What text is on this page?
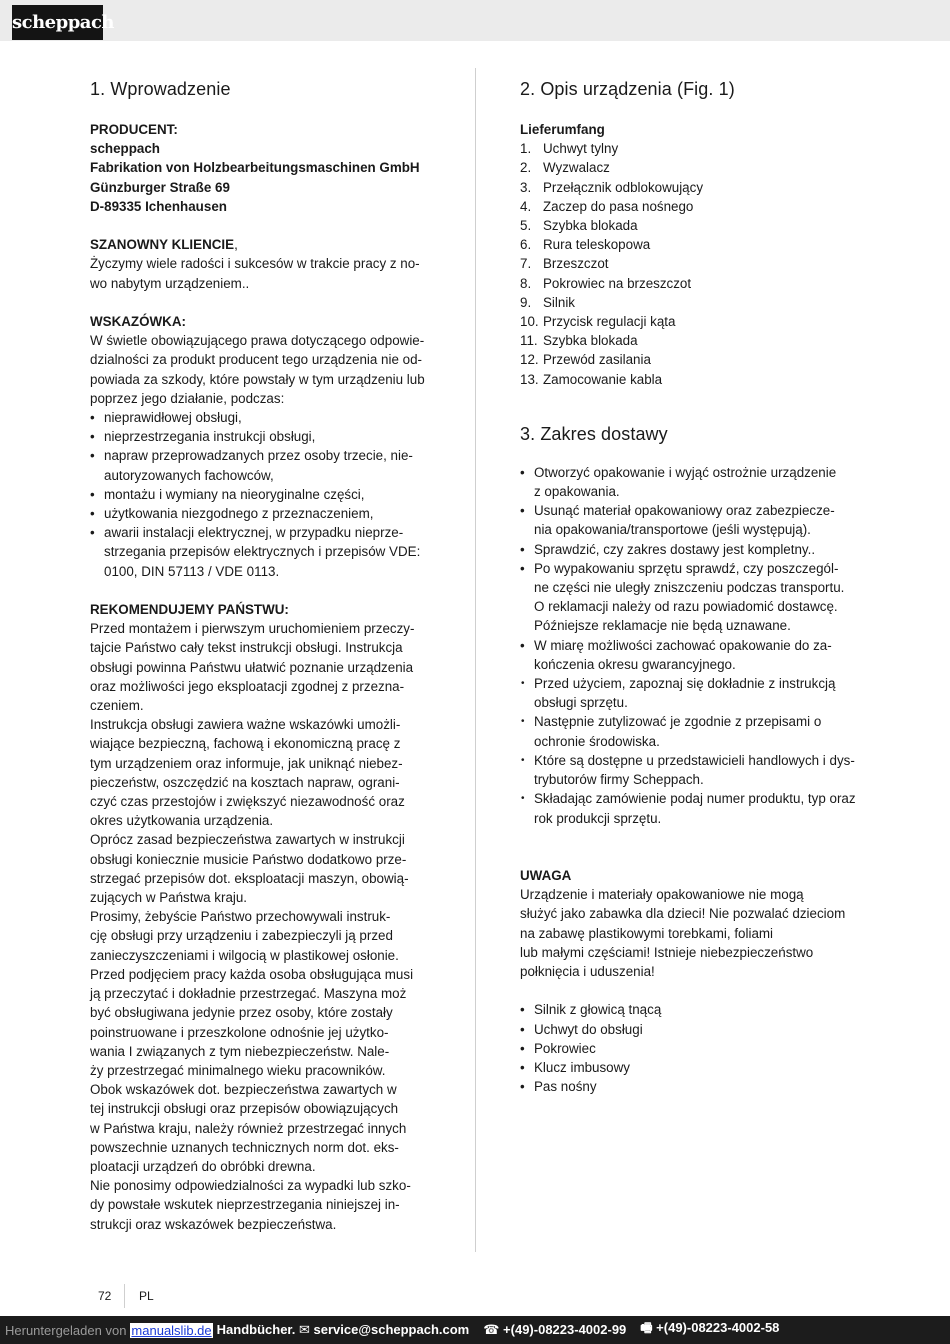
scheppach
1. Wprowadzenie
PRODUCENT:
scheppach
Fabrikation von Holzbearbeitungsmaschinen GmbH
Günzburger Straße 69
D-89335 Ichenhausen
SZANOWNY KLIENCIE,
Życzymy wiele radości i sukcesów w trakcie pracy z no-
wo nabytym urządzeniem..
WSKAZÓWKA:
W świetle obowiązującego prawa dotyczącego odpowie-
dzialności za produkt producent tego urządzenia nie od-
powiada za szkody, które powstały w tym urządzeniu lub
poprzez jego działanie, podczas:
• nieprawidłowej obsługi,
• nieprzestrzegania instrukcji obsługi,
• napraw przeprowadzanych przez osoby trzecie, nie-
autoryzowanych fachowców,
• montażu i wymiany na nieoryginalne części,
• użytkowania niezgodnego z przeznaczeniem,
• awarii instalacji elektrycznej, w przypadku nieprze-
strzegania przepisów elektrycznych i przepisów VDE:
0100, DIN 57113 / VDE 0113.
REKOMENDUJEMY PAŃSTWU:
Przed montażem i pierwszym uruchomieniem przeczy-
tajcie Państwo cały tekst instrukcji obsługi. Instrukcja
obsługi powinna Państwu ułatwić poznanie urządzenia
oraz możliwości jego eksploatacji zgodnej z przezna-
czeniem.
Instrukcja obsługi zawiera ważne wskazówki umożli-
wiające bezpieczną, fachową i ekonomiczną pracę z
tym urządzeniem oraz informuje, jak uniknąć niebez-
pieczeństw, oszczędzić na kosztach napraw, ograni-
czyć czas przestojów i zwiększyć niezawodność oraz
okres użytkowania urządzenia.
Oprócz zasad bezpieczeństwa zawartych w instrukcji
obsługi koniecznie musicie Państwo dodatkowo prze-
strzegać przepisów dot. eksploatacji maszyn, obowią-
zujących w Państwa kraju.
Prosimy, żebyście Państwo przechowywali instruk-
cję obsługi przy urządzeniu i zabezpieczyli ją przed
zanieczyszczeniami i wilgocią w plastikowej osłonie.
Przed podjęciem pracy każda osoba obsługująca musi
ją przeczytać i dokładnie przestrzegać. Maszyna moż
być obsługiwana jedynie przez osoby, które zostały
poinstruowane i przeszkolone odnośnie jej użytko-
wania I związanych z tym niebezpieczeństw. Nale-
ży przestrzegać minimalnego wieku pracowników.
Obok wskazówek dot. bezpieczeństwa zawartych w
tej instrukcji obsługi oraz przepisów obowiązujących
w Państwa kraju, należy również przestrzegać innych
powszechnie uznanych technicznych norm dot. eks-
ploatacji urządzeń do obróbki drewna.
Nie ponosimy odpowiedzialności za wypadki lub szko-
dy powstałe wskutek nieprzestrzegania niniejszej in-
strukcji oraz wskazówek bezpieczeństwa.
2. Opis urządzenia (Fig. 1)
Lieferumfang
1. Uchwyt tylny
2. Wyzwalacz
3. Przełącznik odblokowujący
4. Zaczep do pasa nośnego
5. Szybka blokada
6. Rura teleskopowa
7. Brzeszczot
8. Pokrowiec na brzeszczot
9. Silnik
10. Przycisk regulacji kąta
11. Szybka blokada
12. Przewód zasilania
13. Zamocowanie kabla
3. Zakres dostawy
• Otworzyć opakowanie i wyjąć ostrożnie urządzenie
z opakowania.
• Usunąć materiał opakowaniowy oraz zabezpiecze-
nia opakowania/transportowe (jeśli występują).
• Sprawdzić, czy zakres dostawy jest kompletny..
• Po wypakowaniu sprzętu sprawdź, czy poszczegól-
ne części nie uległy zniszczeniu podczas transportu.
O reklamacji należy od razu powiadomić dostawcę.
Późniejsze reklamacje nie będą uznawane.
• W miarę możliwości zachować opakowanie do za-
kończenia okresu gwarancyjnego.
• Przed użyciem, zapoznaj się dokładnie z instrukcją
obsługi sprzętu.
• Następnie zutylizować je zgodnie z przepisami o
ochronie środowiska.
• Które są dostępne u przedstawicieli handlowych i dys-
trybutorów firmy Scheppach.
• Składając zamówienie podaj numer produktu, typ oraz
rok produkcji sprzętu.
UWAGA
Urządzenie i materiały opakowaniowe nie mogą
służyć jako zabawka dla dzieci! Nie pozwalać dzieciom
na zabawę plastikowymi torebkami, foliami
lub małymi częściami! Istnieje niebezpieczeństwo
połknięcia i uduszenia!
• Silnik z głowicą tnącą
• Uchwyt do obsługi
• Pokrowiec
• Klucz imbusowy
• Pas nośny
72	PL
Heruntergeladen von manualslib.de Handbücher. ✉ service@scheppach.com ☎ +(49)-08223-4002-99 🖷 +(49)-08223-4002-58
